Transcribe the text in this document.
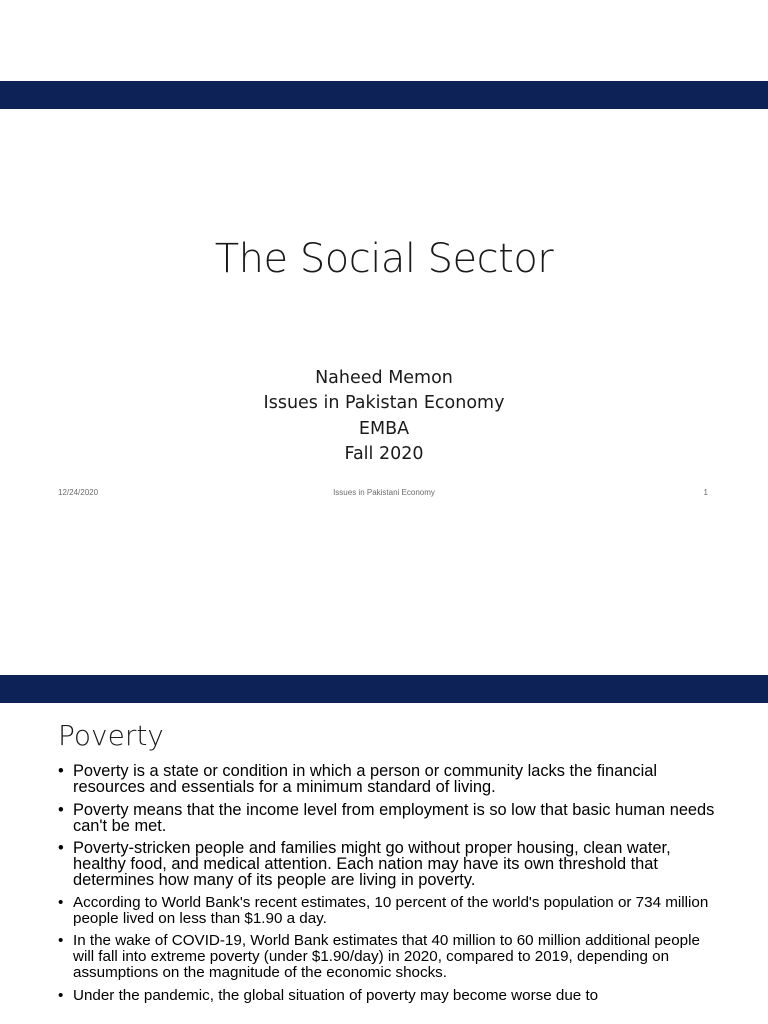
The Social Sector
Naheed Memon
Issues in Pakistan Economy
EMBA
Fall 2020
12/24/2020	Issues in Pakistani Economy	1
Poverty
• Poverty is a state or condition in which a person or community lacks the financial resources and essentials for a minimum standard of living.
• Poverty means that the income level from employment is so low that basic human needs can't be met.
• Poverty-stricken people and families might go without proper housing, clean water, healthy food, and medical attention. Each nation may have its own threshold that determines how many of its people are living in poverty.
• According to World Bank's recent estimates, 10 percent of the world's population or 734 million people lived on less than $1.90 a day.
• In the wake of COVID-19, World Bank estimates that 40 million to 60 million additional people will fall into extreme poverty (under $1.90/day) in 2020, compared to 2019, depending on assumptions on the magnitude of the economic shocks.
• Under the pandemic, the global situation of poverty may become worse due to
